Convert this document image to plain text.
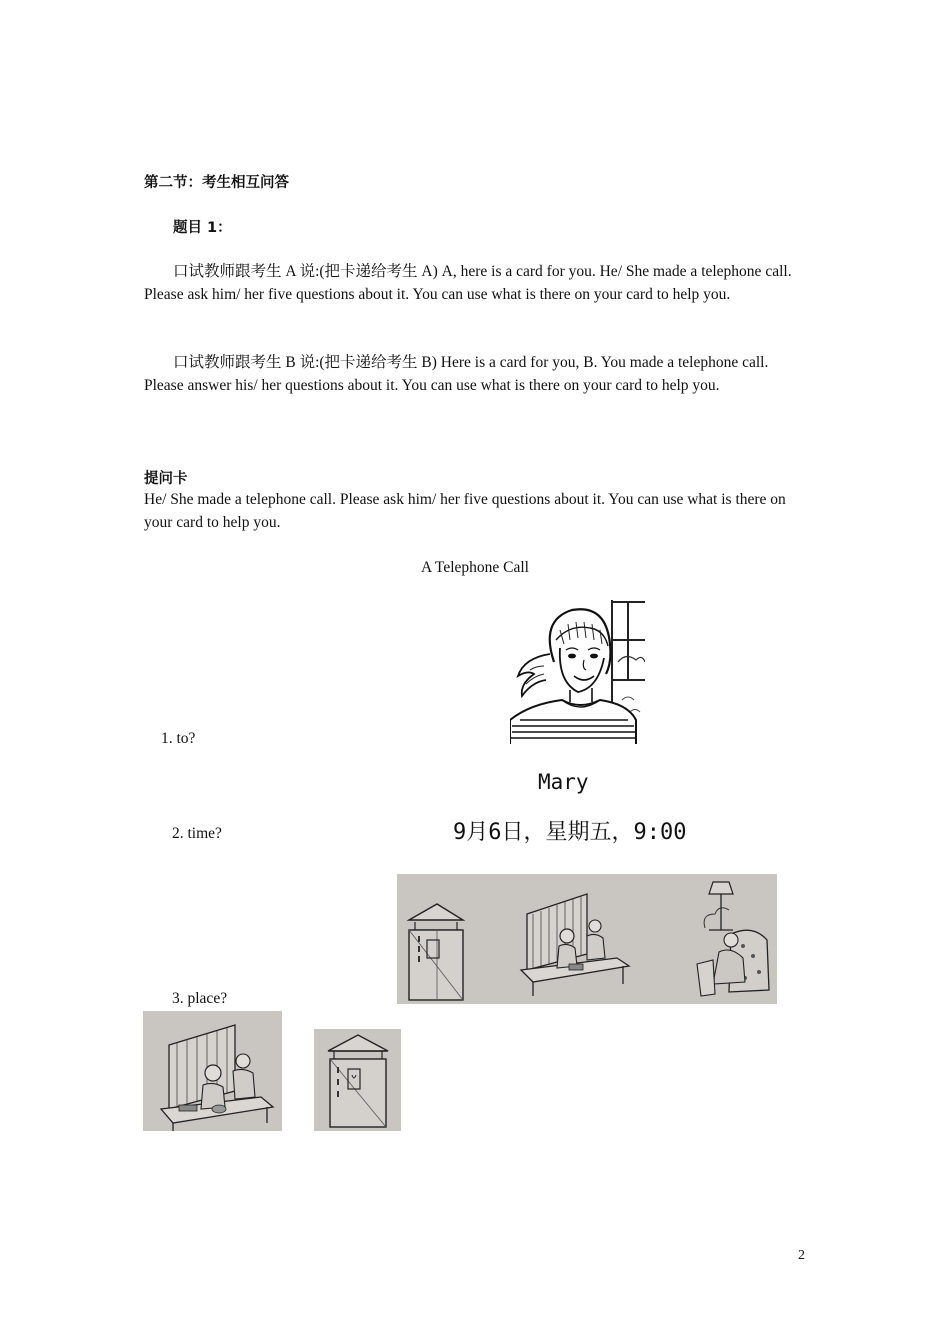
第二节：考生相互问答
题目 1：
口试教师跟考生 A 说:(把卡递给考生 A) A, here is a card for you. He/ She made a telephone call. Please ask him/ her five questions about it. You can use what is there on your card to help you.
口试教师跟考生 B 说:(把卡递给考生 B) Here is a card for you, B. You made a telephone call. Please answer his/ her questions about it. You can use what is there on your card to help you.
提问卡
He/ She made a telephone call. Please ask him/ her five questions about it. You can use what is there on your card to help you.
A Telephone Call
1. to?
2. time?
3. place?
Mary
9月6日，星期五，9:00
2
